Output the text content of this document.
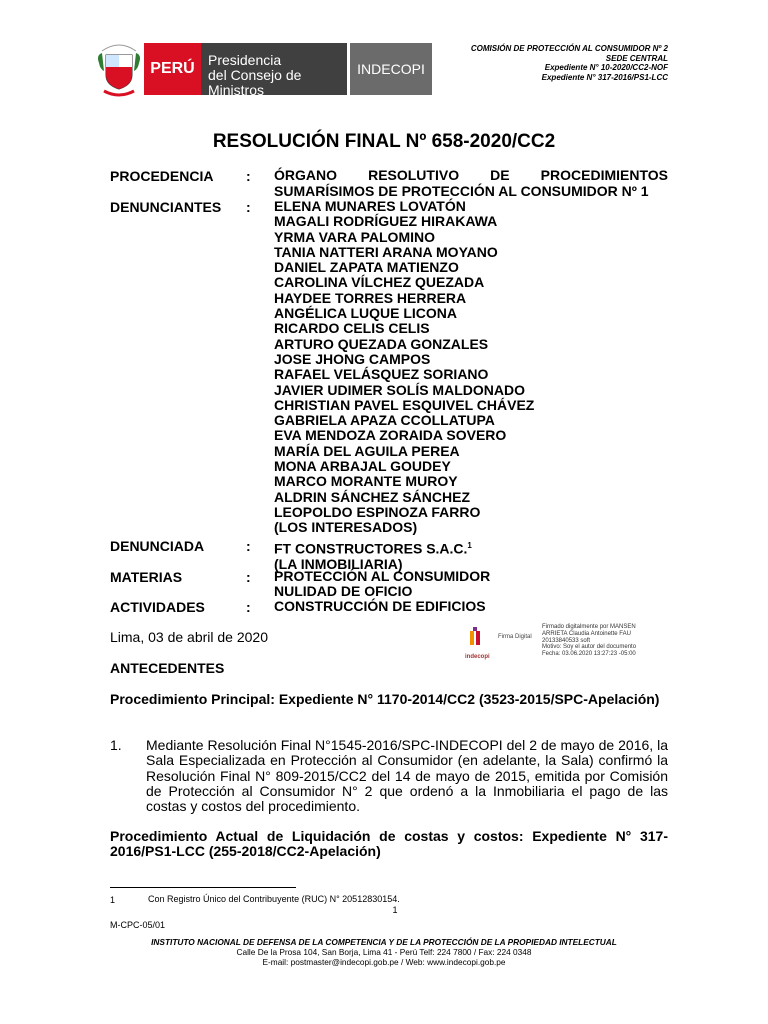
PERÚ Presidencia
del Consejo de Ministros
INDECOPI
COMISIÓN DE PROTECCIÓN AL CONSUMIDOR Nº 2
SEDE CENTRAL
Expediente N° 10-2020/CC2-NOF
Expediente N° 317-2016/PS1-LCC
RESOLUCIÓN FINAL Nº 658-2020/CC2
PROCEDENCIA : ÓRGANO RESOLUTIVO DE PROCEDIMIENTOS
SUMARÍSIMOS DE PROTECCIÓN AL CONSUMIDOR Nº 1
DENUNCIANTES : ELENA MUNARES LOVATÓN
MAGALI RODRÍGUEZ HIRAKAWA
YRMA VARA PALOMINO
TANIA NATTERI ARANA MOYANO
DANIEL ZAPATA MATIENZO
CAROLINA VÍLCHEZ QUEZADA
HAYDEE TORRES HERRERA
ANGÉLICA LUQUE LICONA
RICARDO CELIS CELIS
ARTURO QUEZADA GONZALES
JOSE JHONG CAMPOS
RAFAEL VELÁSQUEZ SORIANO
JAVIER UDIMER SOLÍS MALDONADO
CHRISTIAN PAVEL ESQUIVEL CHÁVEZ
GABRIELA APAZA CCOLLATUPA
EVA MENDOZA ZORAIDA SOVERO
MARÍA DEL AGUILA PEREA
MONA ARBAJAL GOUDEY
MARCO MORANTE MUROY
ALDRIN SÁNCHEZ SÁNCHEZ
LEOPOLDO ESPINOZA FARRO
(LOS INTERESADOS)
DENUNCIADA	: FT CONSTRUCTORES S.A.C.$^1$
(LA INMOBILIARIA)
MATERIAS	: PROTECCIÓN AL CONSUMIDOR
NULIDAD DE OFICIO
ACTIVIDADES	: CONSTRUCCIÓN DE EDIFICIOS
Lima, 03 de abril de 2020
indecopi
Firma Digital
Firmado digitalmente por MANSEN
ARRIETA Claudia Antoinette FAU
20133840533 soft
Motivo: Soy el autor del documento
Fecha: 03.06.2020 13:27:23 -05:00
ANTECEDENTES
Procedimiento Principal: Expediente N° 1170-2014/CC2 (3523-2015/SPC-Apelación)
1.	Mediante Resolución Final N°1545-2016/SPC-INDECOPI del 2 de mayo de 2016, la Sala Especializada en Protección al Consumidor (en adelante, la Sala) confirmó la Resolución Final N° 809-2015/CC2 del 14 de mayo de 2015, emitida por Comisión de Protección al Consumidor N° 2 que ordenó a la Inmobiliaria el pago de las costas y costos del procedimiento.
Procedimiento Actual de Liquidación de costas y costos: Expediente N° 317-2016/PS1-LCC (255-2018/CC2-Apelación)
1	Con Registro Único del Contribuyente (RUC) N° 20512830154.
1
M-CPC-05/01
INSTITUTO NACIONAL DE DEFENSA DE LA COMPETENCIA Y DE LA PROTECCIÓN DE LA PROPIEDAD INTELECTUAL
Calle De la Prosa 104, San Borja, Lima 41 - Perú Telf: 224 7800 / Fax: 224 0348
E-mail: postmaster@indecopi.gob.pe / Web: www.indecopi.gob.pe
